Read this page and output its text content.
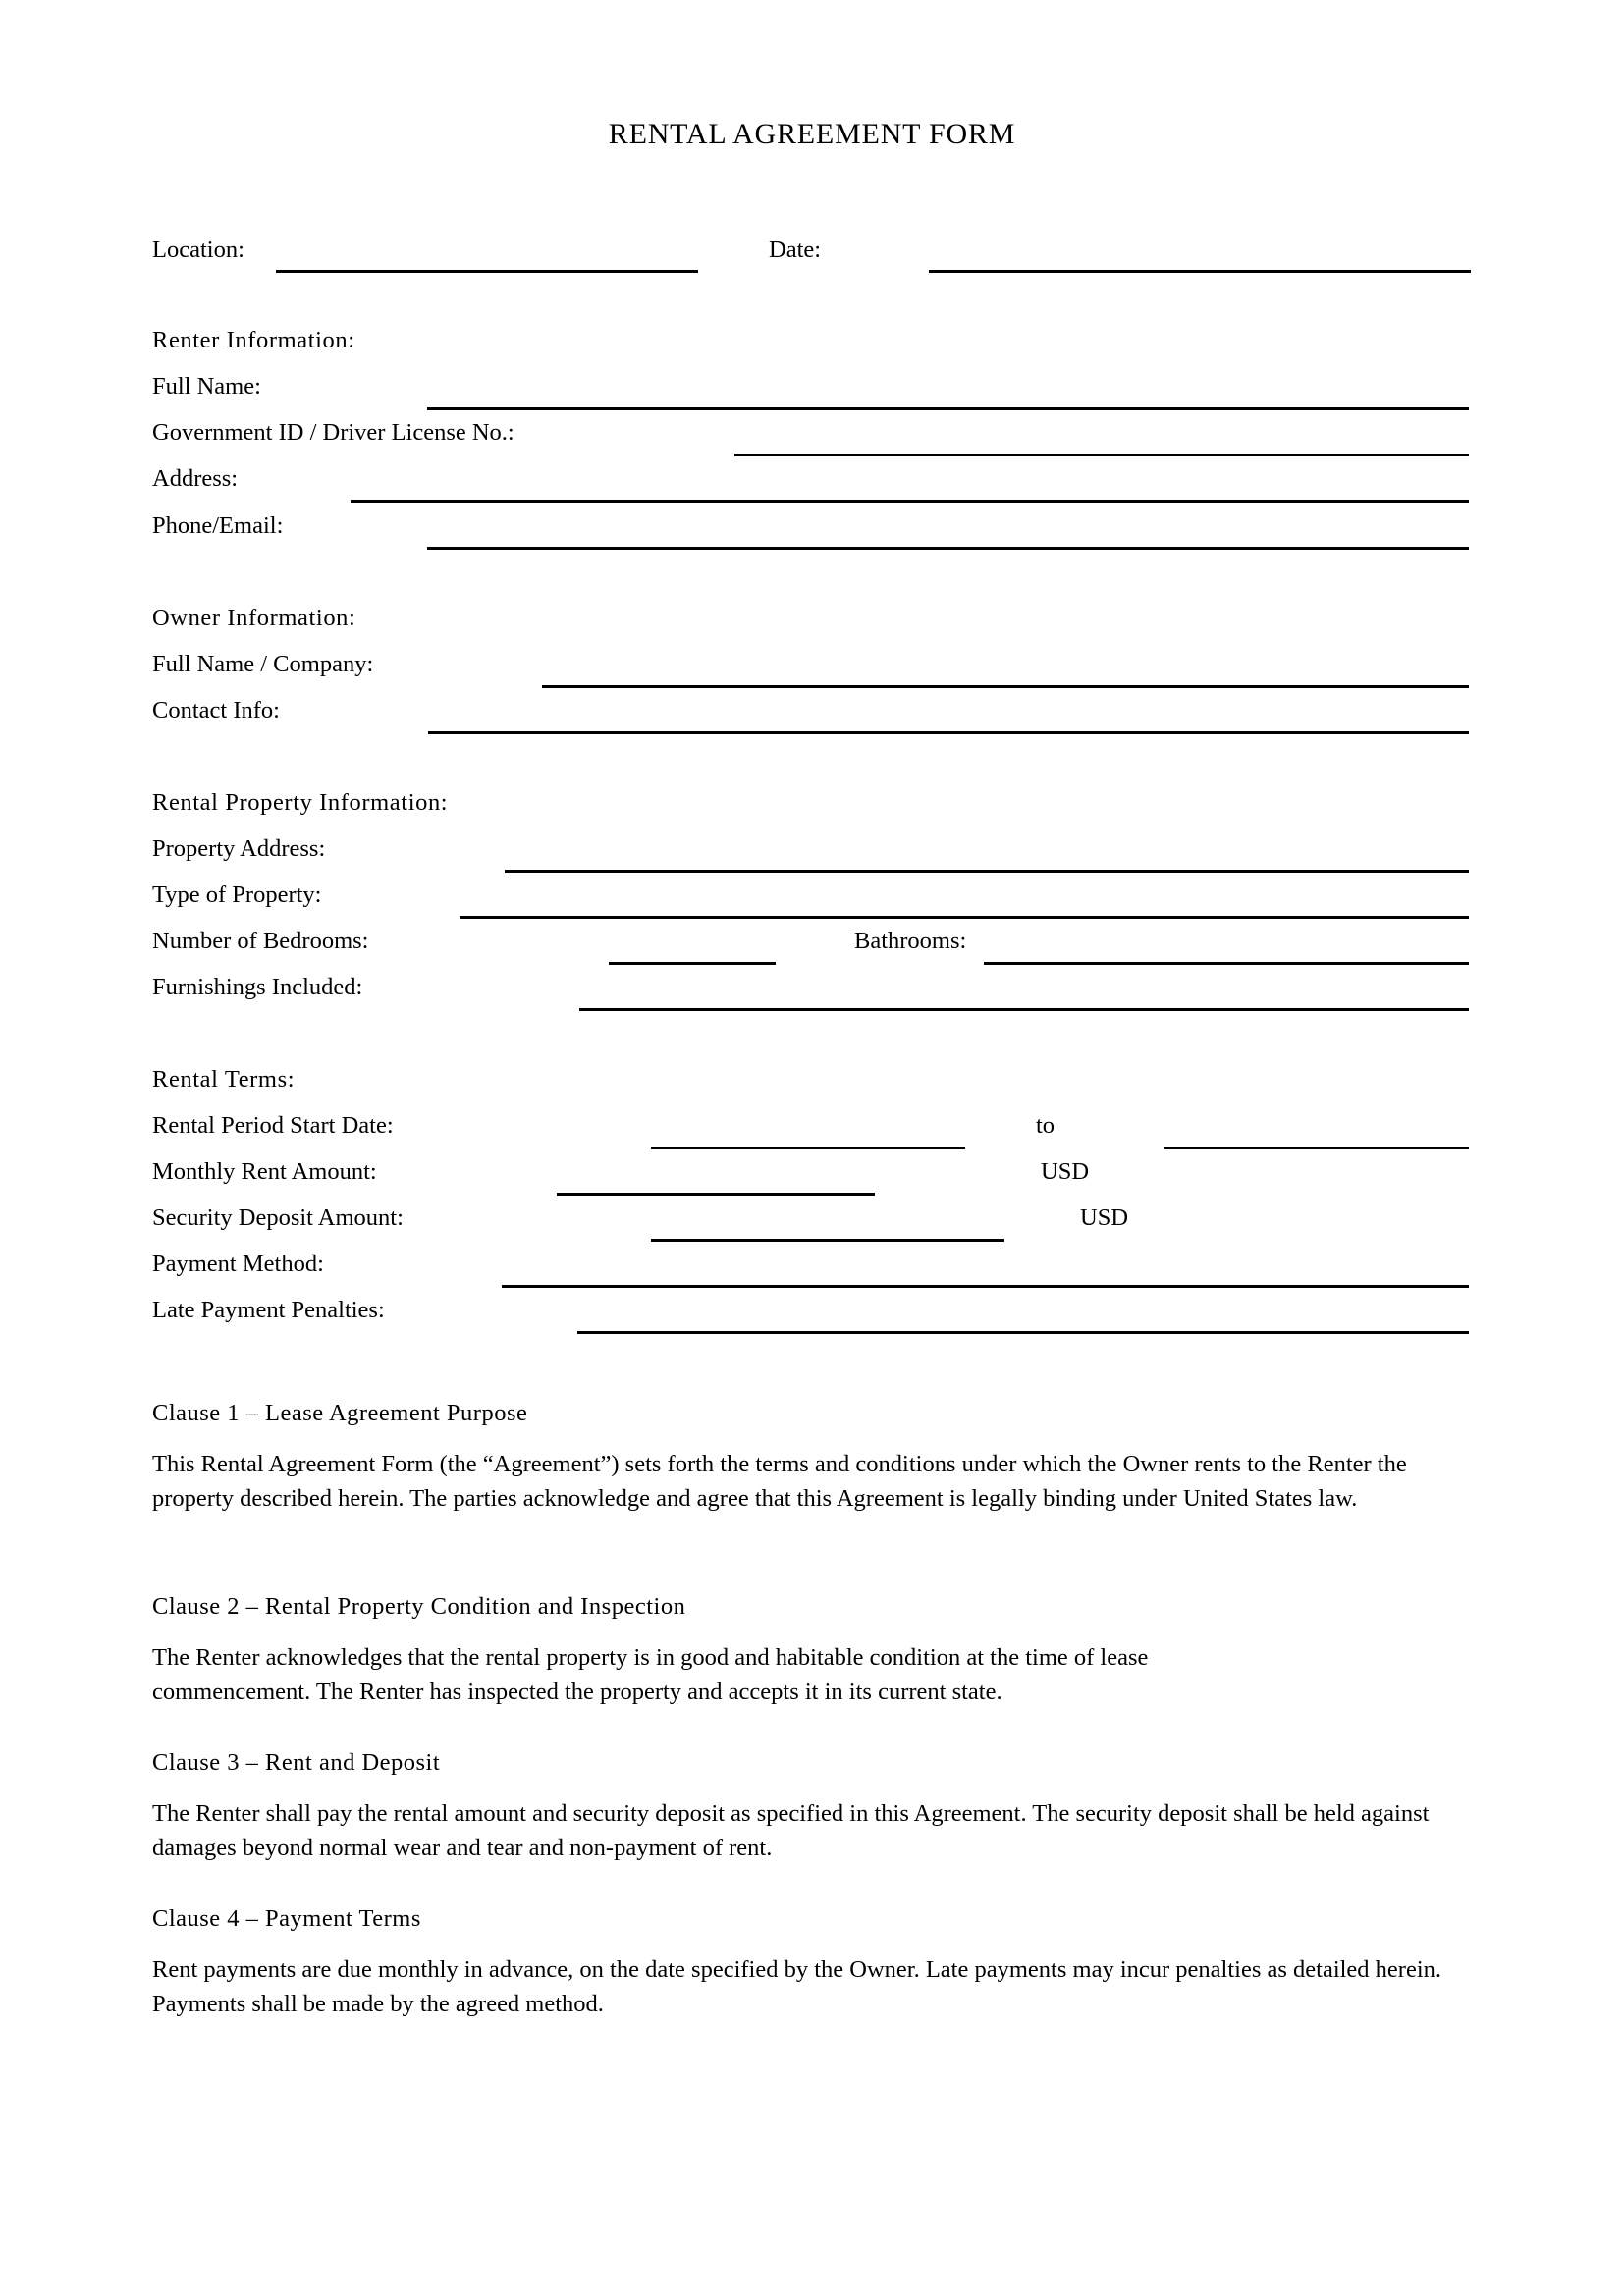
RENTAL AGREEMENT FORM
Location:	Date:
Renter Information:
Full Name:
Government ID / Driver License No.:
Address:
Phone/Email:
Owner Information:
Full Name / Company:
Contact Info:
Rental Property Information:
Property Address:
Type of Property:
Number of Bedrooms:	Bathrooms:
Furnishings Included:
Rental Terms:
Rental Period Start Date:	to
Monthly Rent Amount:	USD
Security Deposit Amount:	USD
Payment Method:
Late Payment Penalties:
Clause 1 – Lease Agreement Purpose
This Rental Agreement Form (the “Agreement”) sets forth the terms and conditions under which the Owner rents to the Renter the property described herein. The parties acknowledge and agree that this Agreement is legally binding under United States law.
Clause 2 – Rental Property Condition and Inspection
The Renter acknowledges that the rental property is in good and habitable condition at the time of lease commencement. The Renter has inspected the property and accepts it in its current state.
Clause 3 – Rent and Deposit
The Renter shall pay the rental amount and security deposit as specified in this Agreement. The security deposit shall be held against damages beyond normal wear and tear and non-payment of rent.
Clause 4 – Payment Terms
Rent payments are due monthly in advance, on the date specified by the Owner. Late payments may incur penalties as detailed herein. Payments shall be made by the agreed method.
